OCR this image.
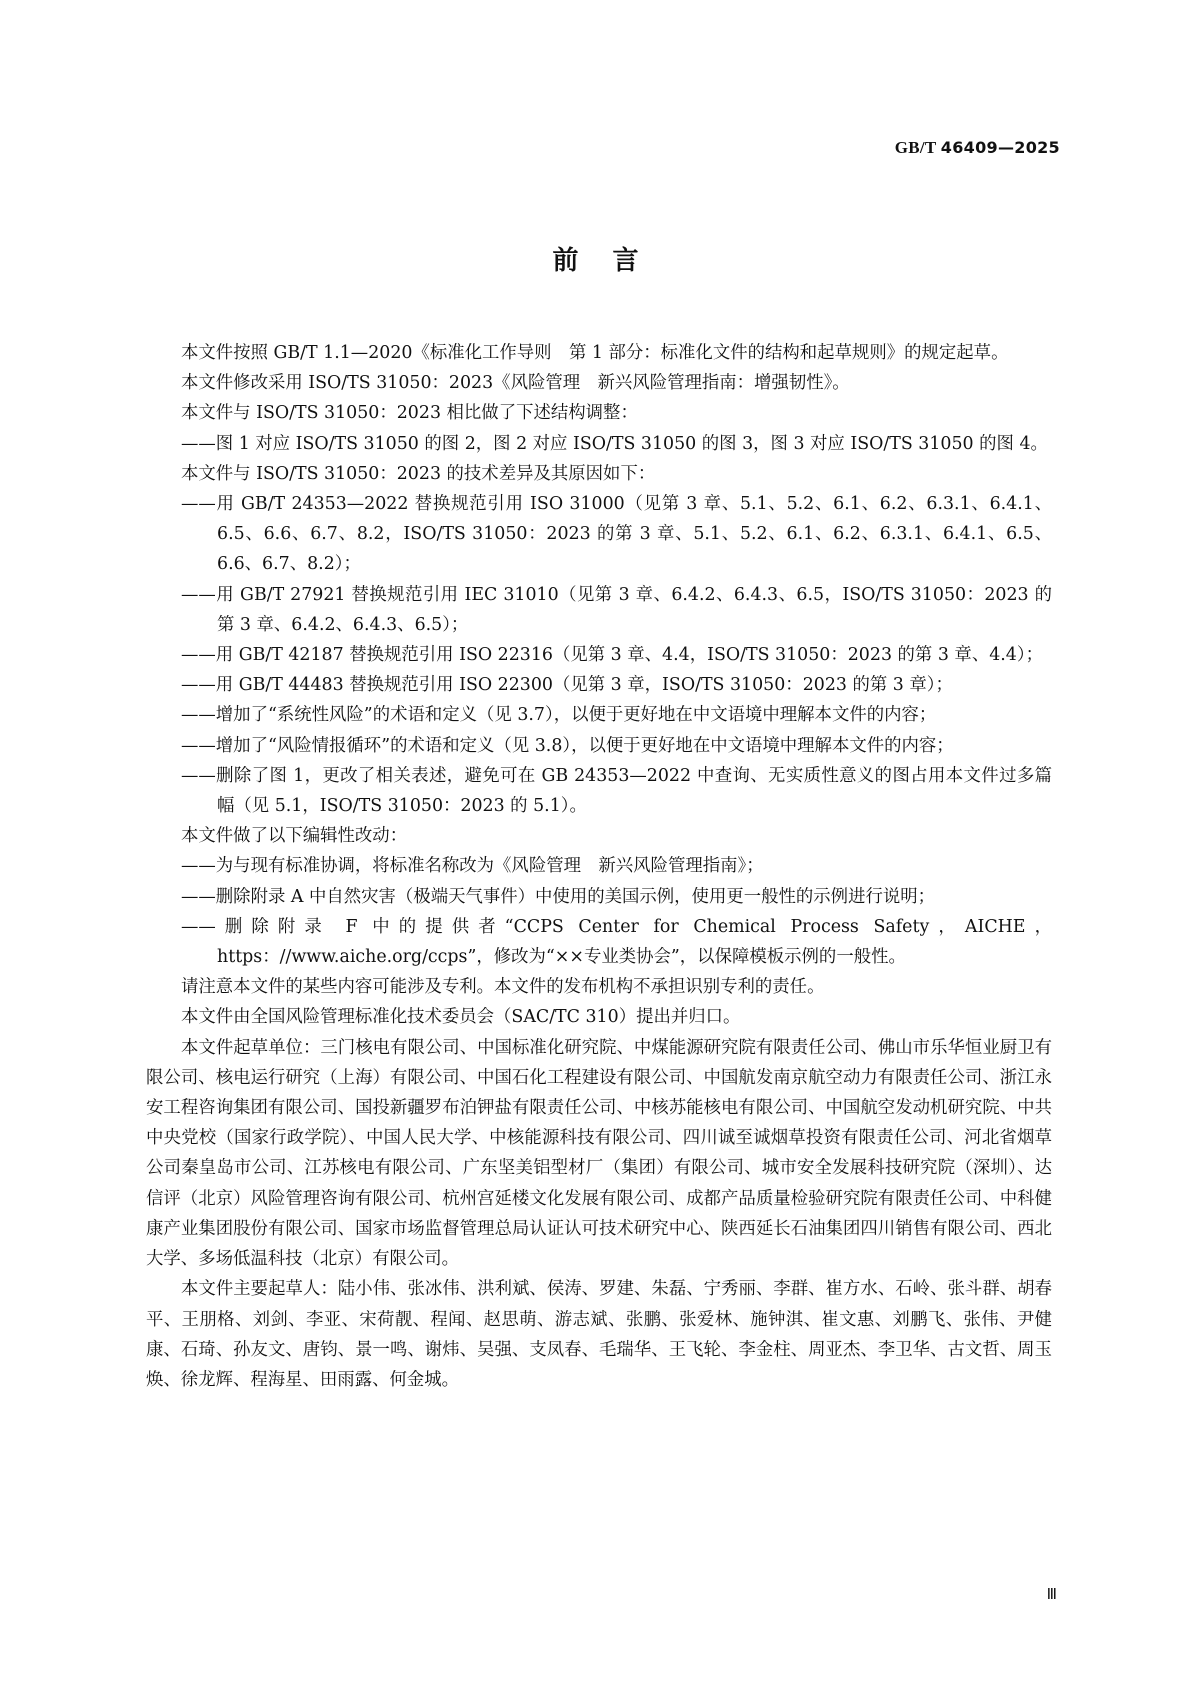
GB/T 46409—2025
前言

本文件按照 GB/T 1.1—2020《标准化工作导则　第 1 部分：标准化文件的结构和起草规则》的规定起草。

本文件修改采用 ISO/TS 31050：2023《风险管理　新兴风险管理指南：增强韧性》。

本文件与 ISO/TS 31050：2023 相比做了下述结构调整：

——图 1 对应 ISO/TS 31050 的图 2，图 2 对应 ISO/TS 31050 的图 3，图 3 对应 ISO/TS 31050 的图 4。

本文件与 ISO/TS 31050：2023 的技术差异及其原因如下：

——用 GB/T 24353—2022 替换规范引用 ISO 31000（见第 3 章、5.1、5.2、6.1、6.2、6.3.1、6.4.1、6.5、6.6、6.7、8.2，ISO/TS 31050：2023 的第 3 章、5.1、5.2、6.1、6.2、6.3.1、6.4.1、6.5、6.6、6.7、8.2）；

——用 GB/T 27921 替换规范引用 IEC 31010（见第 3 章、6.4.2、6.4.3、6.5，ISO/TS 31050：2023 的第 3 章、6.4.2、6.4.3、6.5）；

——用 GB/T 42187 替换规范引用 ISO 22316（见第 3 章、4.4，ISO/TS 31050：2023 的第 3 章、4.4）；

——用 GB/T 44483 替换规范引用 ISO 22300（见第 3 章，ISO/TS 31050：2023 的第 3 章）；

——增加了“系统性风险”的术语和定义（见 3.7），以便于更好地在中文语境中理解本文件的内容；

——增加了“风险情报循环”的术语和定义（见 3.8），以便于更好地在中文语境中理解本文件的内容；

——删除了图 1，更改了相关表述，避免可在 GB 24353—2022 中查询、无实质性意义的图占用本文件过多篇幅（见 5.1，ISO/TS 31050：2023 的 5.1）。

本文件做了以下编辑性改动：

——为与现有标准协调，将标准名称改为《风险管理　新兴风险管理指南》；

——删除附录 A 中自然灾害（极端天气事件）中使用的美国示例，使用更一般性的示例进行说明；

——删除附录 F 中的提供者“CCPS Center for Chemical Process Safety，AICHE，https：//www.aiche.org/ccps”，修改为“××专业类协会”，以保障模板示例的一般性。

请注意本文件的某些内容可能涉及专利。本文件的发布机构不承担识别专利的责任。

本文件由全国风险管理标准化技术委员会（SAC/TC 310）提出并归口。

本文件起草单位：三门核电有限公司、中国标准化研究院、中煤能源研究院有限责任公司、佛山市乐华恒业厨卫有限公司、核电运行研究（上海）有限公司、中国石化工程建设有限公司、中国航发南京航空动力有限责任公司、浙江永安工程咨询集团有限公司、国投新疆罗布泊钾盐有限责任公司、中核苏能核电有限公司、中国航空发动机研究院、中共中央党校（国家行政学院）、中国人民大学、中核能源科技有限公司、四川诚至诚烟草投资有限责任公司、河北省烟草公司秦皇岛市公司、江苏核电有限公司、广东坚美铝型材厂（集团）有限公司、城市安全发展科技研究院（深圳）、达信评（北京）风险管理咨询有限公司、杭州宫延楼文化发展有限公司、成都产品质量检验研究院有限责任公司、中科健康产业集团股份有限公司、国家市场监督管理总局认证认可技术研究中心、陕西延长石油集团四川销售有限公司、西北大学、多场低温科技（北京）有限公司。

本文件主要起草人：陆小伟、张冰伟、洪利斌、侯涛、罗建、朱磊、宁秀丽、李群、崔方水、石岭、张斗群、胡春平、王朋格、刘剑、李亚、宋荷靓、程闻、赵思萌、游志斌、张鹏、张爱林、施钟淇、崔文惠、刘鹏飞、张伟、尹健康、石琦、孙友文、唐钧、景一鸣、谢炜、吴强、支凤春、毛瑞华、王飞轮、李金柱、周亚杰、李卫华、古文哲、周玉焕、徐龙辉、程海星、田雨露、何金城。

Ⅲ
